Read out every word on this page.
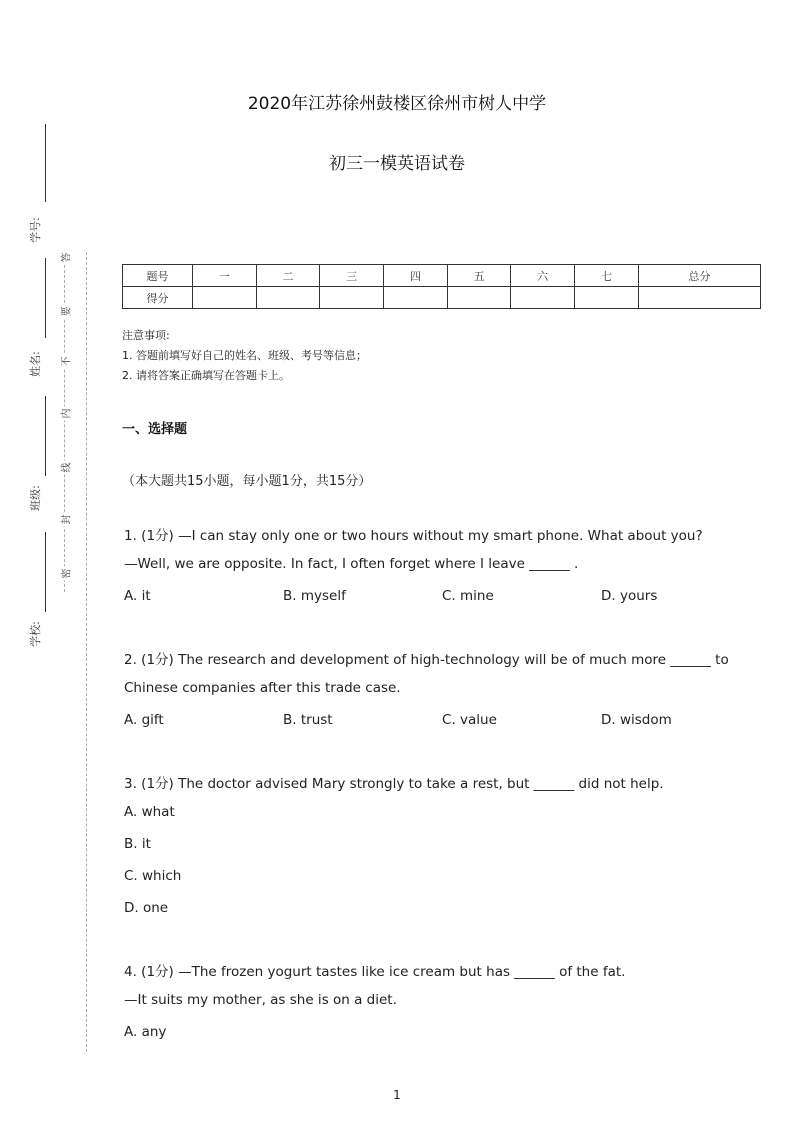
学号:
姓名:
班级:
学校:
答
要
不
内
线
封
密
2020年江苏徐州鼓楼区徐州市树人中学
初三一模英语试卷
题号	一	二	三	四	五	六	七	总分
得分								
注意事项:
1. 答题前填写好自己的姓名、班级、考号等信息；
2. 请将答案正确填写在答题卡上。
一、选择题
（本大题共15小题，每小题1分，共15分）
1. (1分) —I can stay only one or two hours without my smart phone. What about you?
—Well, we are opposite. In fact, I often forget where I leave ______ .
A. it	B. myself	C. mine	D. yours
2. (1分) The research and development of high-technology will be of much more ______ to
Chinese companies after this trade case.
A. gift	B. trust	C. value	D. wisdom
3. (1分) The doctor advised Mary strongly to take a rest, but ______ did not help.
A. what
B. it
C. which
D. one
4. (1分) —The frozen yogurt tastes like ice cream but has ______ of the fat.
—It suits my mother, as she is on a diet.
A. any
1
